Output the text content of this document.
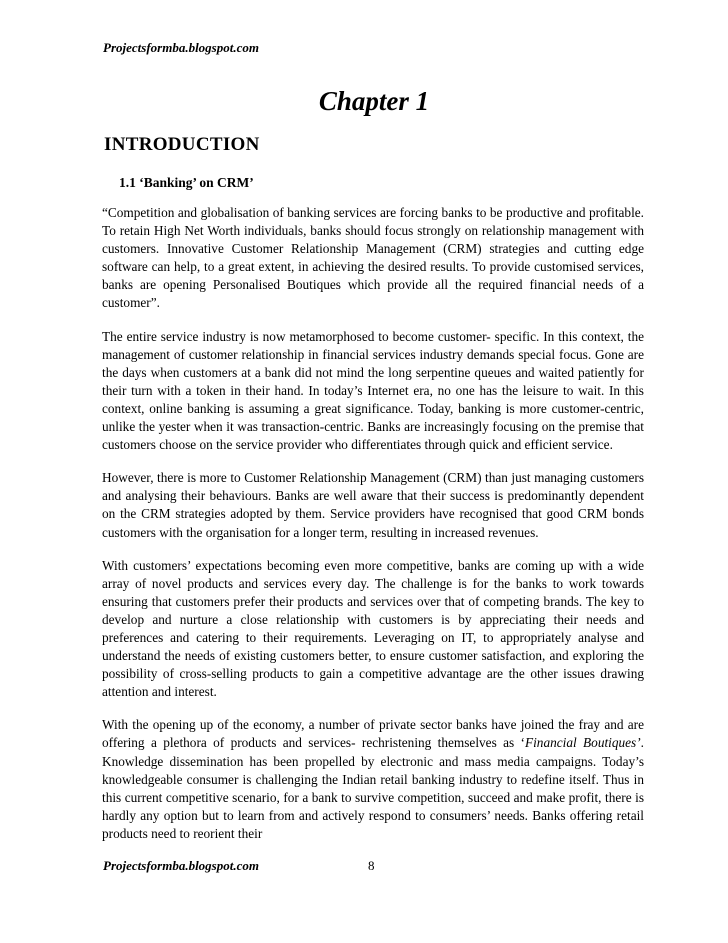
Projectsformba.blogspot.com
Chapter 1
INTRODUCTION
1.1 ‘Banking’ on CRM’

“Competition and globalisation of banking services are forcing banks to be productive and profitable. To retain High Net Worth individuals, banks should focus strongly on relationship management with customers. Innovative Customer Relationship Management (CRM) strategies and cutting edge software can help, to a great extent, in achieving the desired results. To provide customised services, banks are opening Personalised Boutiques which provide all the required financial needs of a customer”.

The entire service industry is now metamorphosed to become customer- specific. In this context, the management of customer relationship in financial services industry demands special focus. Gone are the days when customers at a bank did not mind the long serpentine queues and waited patiently for their turn with a token in their hand. In today’s Internet era, no one has the leisure to wait. In this context, online banking is assuming a great significance. Today, banking is more customer-centric, unlike the yester when it was transaction-centric. Banks are increasingly focusing on the premise that customers choose on the service provider who differentiates through quick and efficient service.

However, there is more to Customer Relationship Management (CRM) than just managing customers and analysing their behaviours. Banks are well aware that their success is predominantly dependent on the CRM strategies adopted by them. Service providers have recognised that good CRM bonds customers with the organisation for a longer term, resulting in increased revenues.

With customers’ expectations becoming even more competitive, banks are coming up with a wide array of novel products and services every day. The challenge is for the banks to work towards ensuring that customers prefer their products and services over that of competing brands. The key to develop and nurture a close relationship with customers is by appreciating their needs and preferences and catering to their requirements. Leveraging on IT, to appropriately analyse and understand the needs of existing customers better, to ensure customer satisfaction, and exploring the possibility of cross-selling products to gain a competitive advantage are the other issues drawing attention and interest.

With the opening up of the economy, a number of private sector banks have joined the fray and are offering a plethora of products and services- rechristening themselves as ‘Financial Boutiques’. Knowledge dissemination has been propelled by electronic and mass media campaigns. Today’s knowledgeable consumer is challenging the Indian retail banking industry to redefine itself. Thus in this current competitive scenario, for a bank to survive competition, succeed and make profit, there is hardly any option but to learn from and actively respond to consumers’ needs. Banks offering retail products need to reorient their

Projectsformba.blogspot.com	8
